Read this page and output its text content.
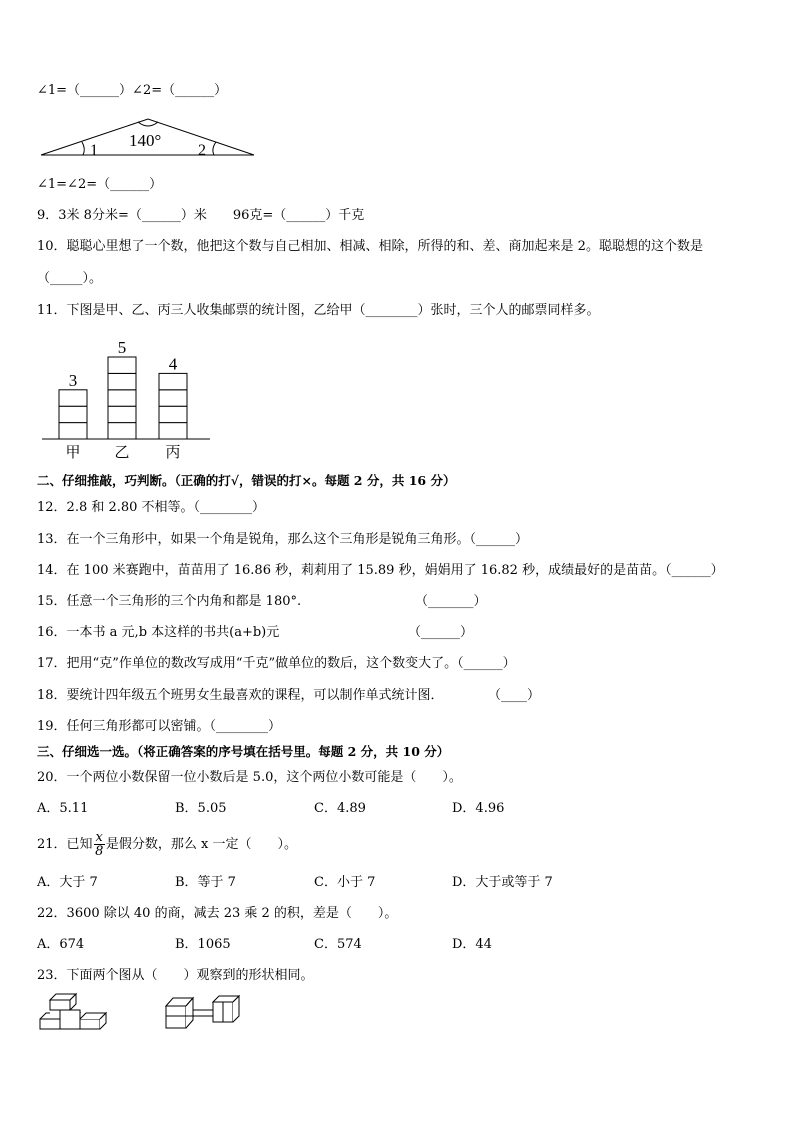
∠1=（______）∠2=（______）
140°
1	2
∠1=∠2=（______）
9．3米 8分米=（______）米　　96克=（______）千克
10．聪聪心里想了一个数，他把这个数与自己相加、相减、相除，所得的和、差、商加起来是 2。聪聪想的这个数是
（_____）。
11．下图是甲、乙、丙三人收集邮票的统计图，乙给甲（________）张时，三个人的邮票同样多。
3
甲
5
乙
4
丙
二、仔细推敲，巧判断。（正确的打√，错误的打×。每题 2 分，共 16 分）
12．2.8 和 2.80 不相等。（________）
13．在一个三角形中，如果一个角是锐角，那么这个三角形是锐角三角形。（______）
14．在 100 米赛跑中，苗苗用了 16.86 秒，莉莉用了 15.89 秒，娟娟用了 16.82 秒，成绩最好的是苗苗。（______）
15．任意一个三角形的三个内角和都是 180°.	（_______）
16．一本书 a 元,b 本这样的书共(a+b)元	（______）
17．把用“克”作单位的数改写成用“千克”做单位的数后，这个数变大了。（______）
18．要统计四年级五个班男女生最喜欢的课程，可以制作单式统计图．	（____）
19．任何三角形都可以密铺。（________）
三、仔细选一选。（将正确答案的序号填在括号里。每题 2 分，共 10 分）
20．一个两位小数保留一位小数后是 5.0，这个两位小数可能是（　　）。
A．5.11	B．5.05	C．4.89	D．4.96
21．已知 $\frac{x}{8}$ 是假分数，那么 x 一定（　　）。
A．大于 7	B．等于 7	C．小于 7	D．大于或等于 7
22．3600 除以 40 的商，减去 23 乘 2 的积，差是（　　）。
A．674	B．1065	C．574	D．44
23．下面两个图从（　　）观察到的形状相同。
